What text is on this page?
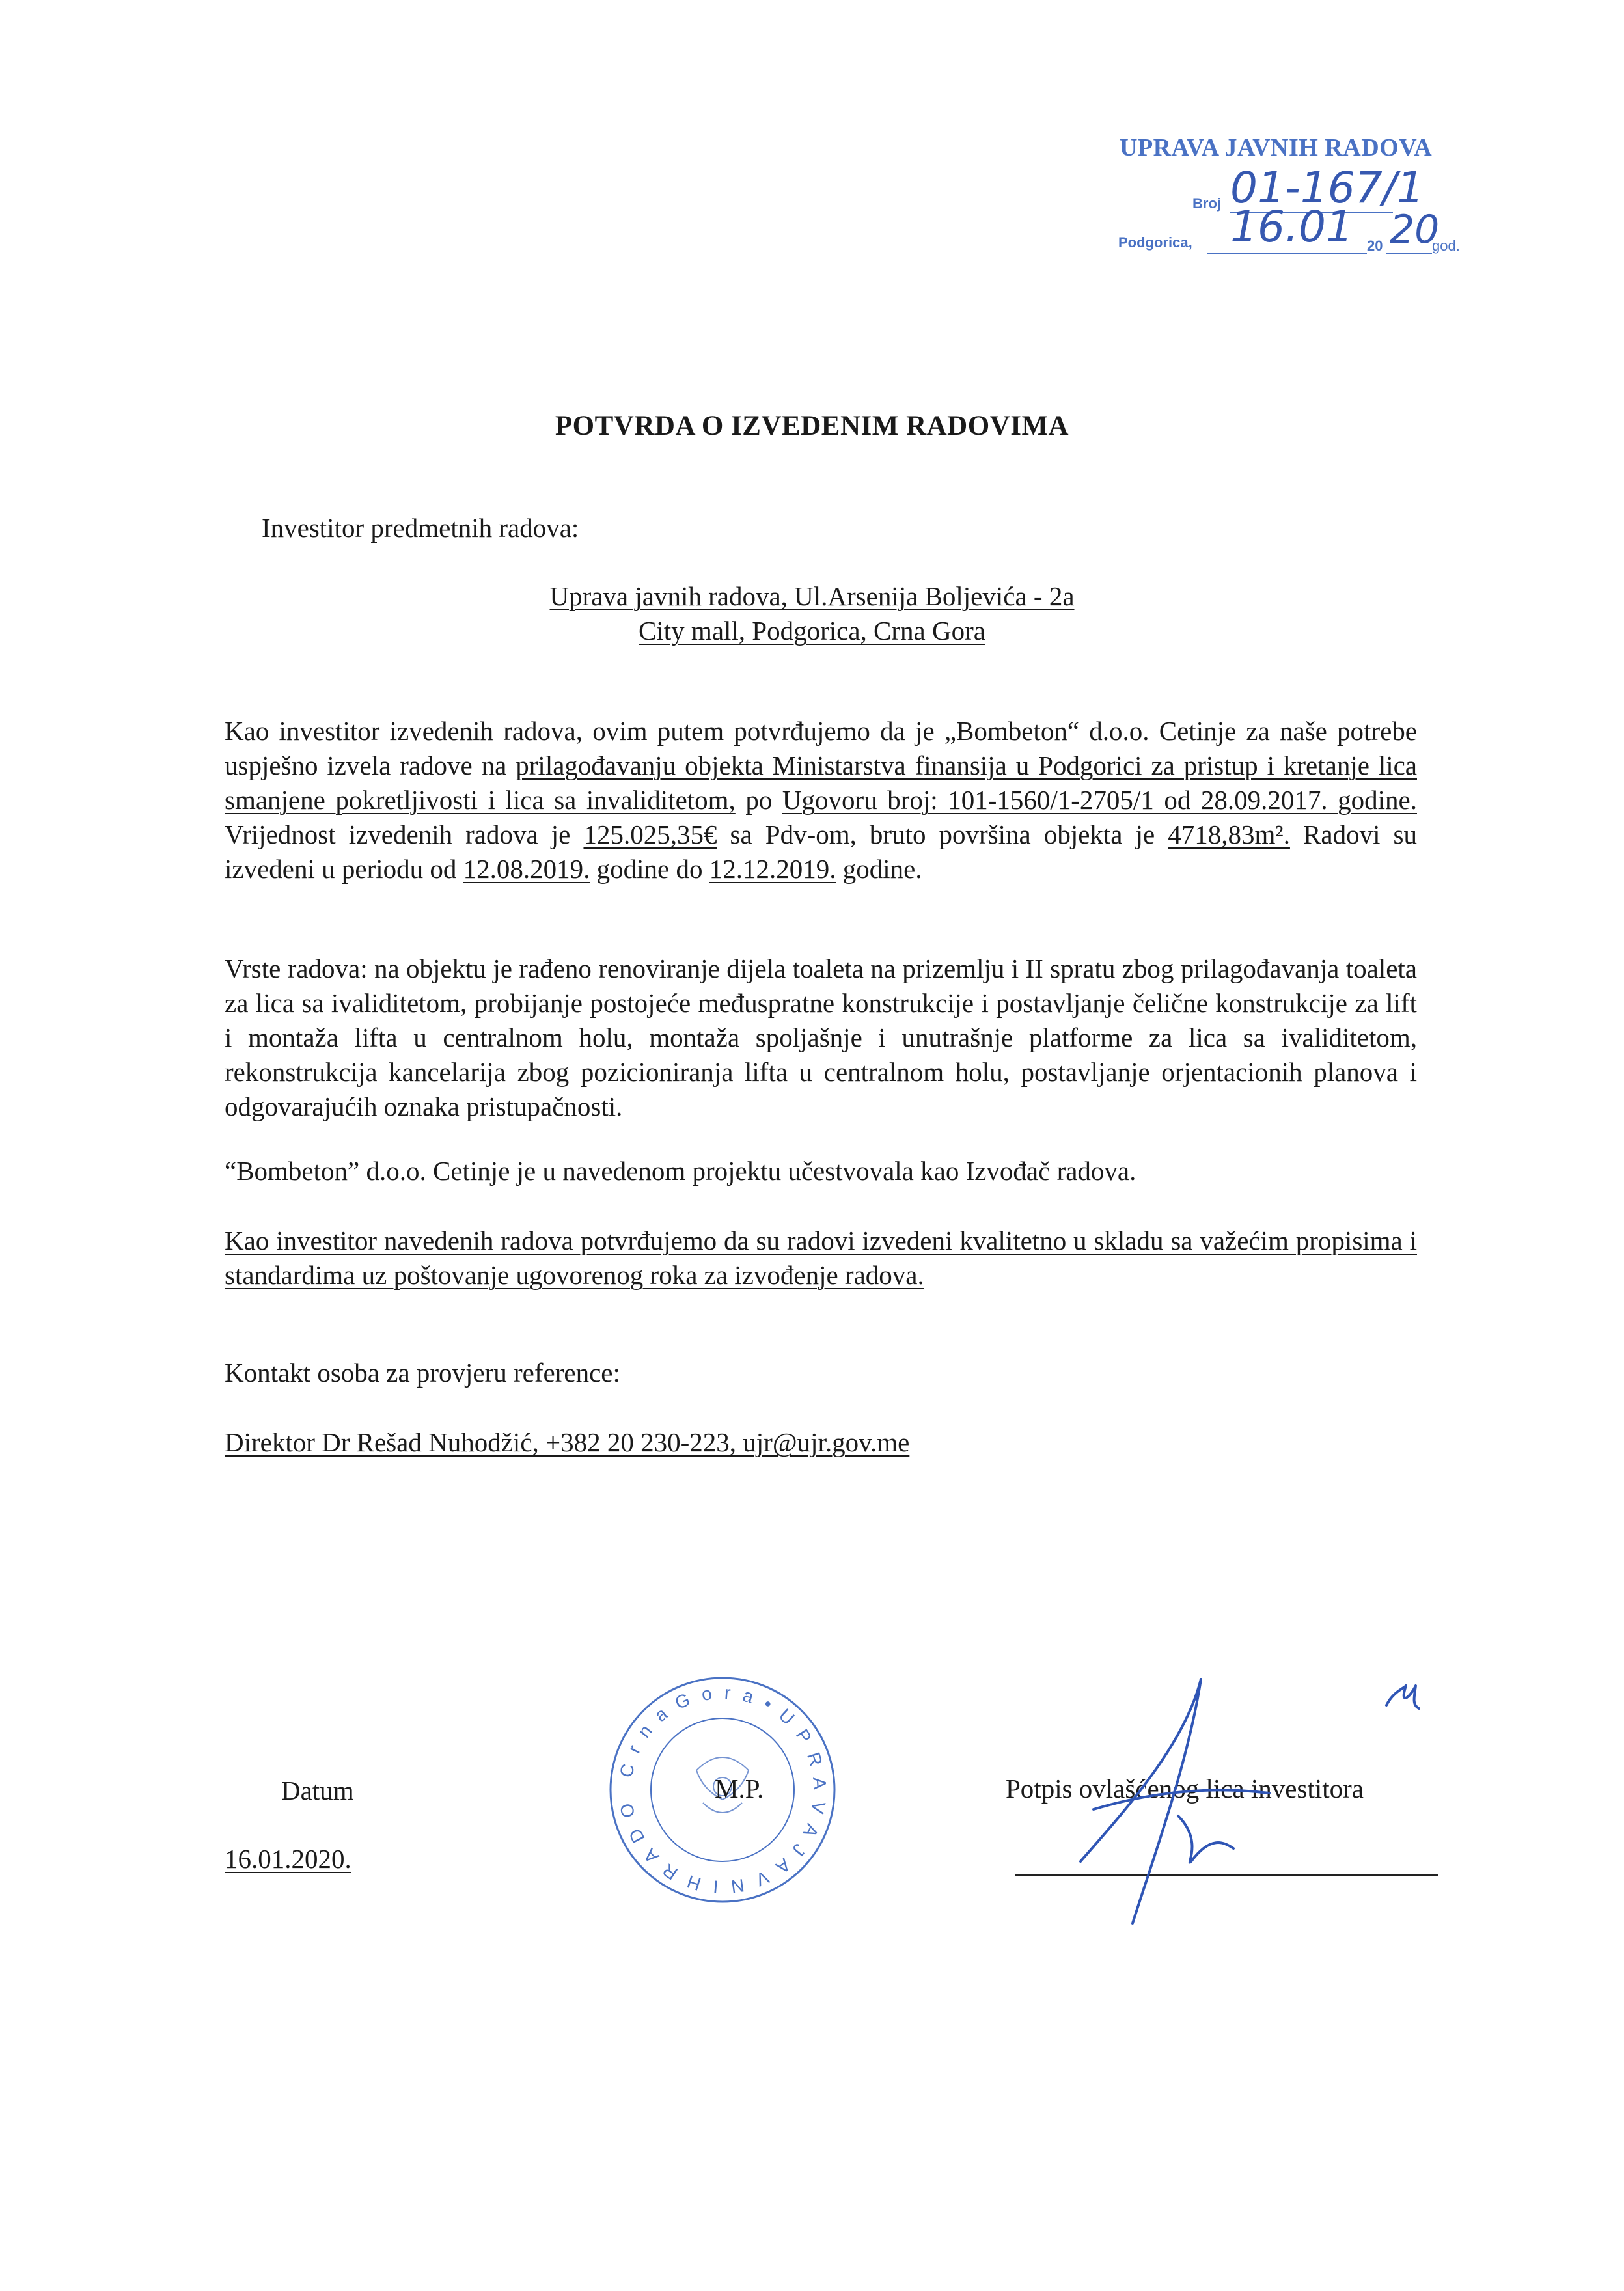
UPRAVA JAVNIH RADOVA
Broj 01-167/1
Podgorica, 16.01 20 20
god.
POTVRDA O IZVEDENIM RADOVIMA
Investitor predmetnih radova:
Uprava javnih radova, Ul.Arsenija Boljevića - 2a
City mall, Podgorica, Crna Gora
Kao investitor izvedenih radova, ovim putem potvrđujemo da je „Bombeton“ d.o.o. Cetinje za naše potrebe uspješno izvela radove na prilagođavanju objekta Ministarstva finansija u Podgorici za pristup i kretanje lica smanjene pokretljivosti i lica sa invaliditetom, po Ugovoru broj: 101-1560/1-2705/1 od 28.09.2017. godine. Vrijednost izvedenih radova je 125.025,35€ sa Pdv-om, bruto površina objekta je 4718,83m². Radovi su izvedeni u periodu od 12.08.2019. godine do 12.12.2019. godine.
Vrste radova: na objektu je rađeno renoviranje dijela toaleta na prizemlju i II spratu zbog prilagođavanja toaleta za lica sa ivaliditetom, probijanje postojeće međuspratne konstrukcije i postavljanje čelične konstrukcije za lift i montaža lifta u centralnom holu, montaža spoljašnje i unutrašnje platforme za lica sa ivaliditetom, rekonstrukcija kancelarija zbog pozicioniranja lifta u centralnom holu, postavljanje orjentacionih planova i odgovarajućih oznaka pristupačnosti.
“Bombeton” d.o.o. Cetinje je u navedenom projektu učestvovala kao Izvođač radova.
Kao investitor navedenih radova potvrđujemo da su radovi izvedeni kvalitetno u skladu sa važećim propisima i standardima uz poštovanje ugovorenog roka za izvođenje radova.
Kontakt osoba za provjeru reference:
Direktor Dr Rešad Nuhodžić, +382 20 230-223, ujr@ujr.gov.me
Datum
16.01.2020.
C r n a G o r a • U P R A V A J A V N I H R A D O
M.P.	Potpis ovlašćenog lica investitora
